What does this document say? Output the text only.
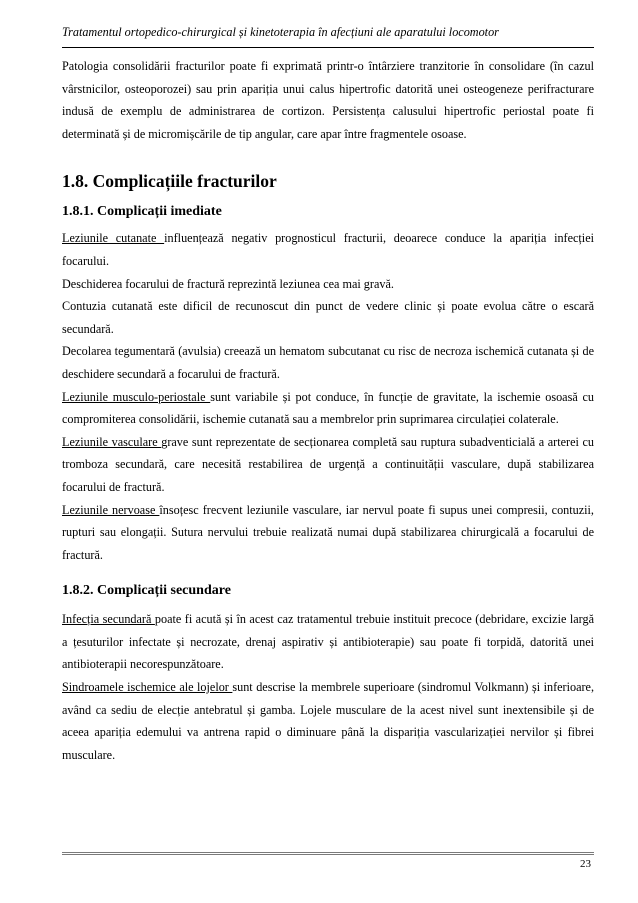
Tratamentul ortopedico-chirurgical și kinetoterapia în afecțiuni ale aparatului locomotor

Patologia consolidării fracturilor poate fi exprimată printr-o întârziere tranzitorie în consolidare (în cazul vârstnicilor, osteoporozei) sau prin apariția unui calus hipertrofic datorită unei osteogeneze perifracturare indusă de exemplu de administrarea de cortizon. Persistența calusului hipertrofic periostal poate fi determinată și de micromișcările de tip angular, care apar între fragmentele osoase.

1.8. Complicațiile fracturilor
1.8.1. Complicații imediate

Leziunile cutanate influențează negativ prognosticul fracturii, deoarece conduce la apariția infecției focarului.

Deschiderea focarului de fractură reprezintă leziunea cea mai gravă.

Contuzia cutanată este dificil de recunoscut din punct de vedere clinic și poate evolua către o escară secundară.

Decolarea tegumentară (avulsia) creează un hematom subcutanat cu risc de necroza ischemică cutanata și de deschidere secundară a focarului de fractură.

Leziunile musculo-periostale sunt variabile și pot conduce, în funcție de gravitate, la ischemie osoasă cu compromiterea consolidării, ischemie cutanată sau a membrelor prin suprimarea circulației colaterale.

Leziunile vasculare grave sunt reprezentate de secționarea completă sau ruptura subadventicială a arterei cu tromboza secundară, care necesită restabilirea de urgență a continuității vasculare, după stabilizarea focarului de fractură.

Leziunile nervoase însoțesc frecvent leziunile vasculare, iar nervul poate fi supus unei compresii, contuzii, rupturi sau elongații. Sutura nervului trebuie realizată numai după stabilizarea chirurgicală a focarului de fractură.

1.8.2. Complicații secundare

Infecția secundară poate fi acută și în acest caz tratamentul trebuie instituit precoce (debridare, excizie largă a țesuturilor infectate și necrozate, drenaj aspirativ și antibioterapie) sau poate fi torpidă, datorită unei antibioterapii necorespunzătoare.

Sindroamele ischemice ale lojelor sunt descrise la membrele superioare (sindromul Volkmann) și inferioare, având ca sediu de elecție antebratul și gamba. Lojele musculare de la acest nivel sunt inextensibile și de aceea apariția edemului va antrena rapid o diminuare până la dispariția vascularizației nervilor și fibrei musculare.

23
